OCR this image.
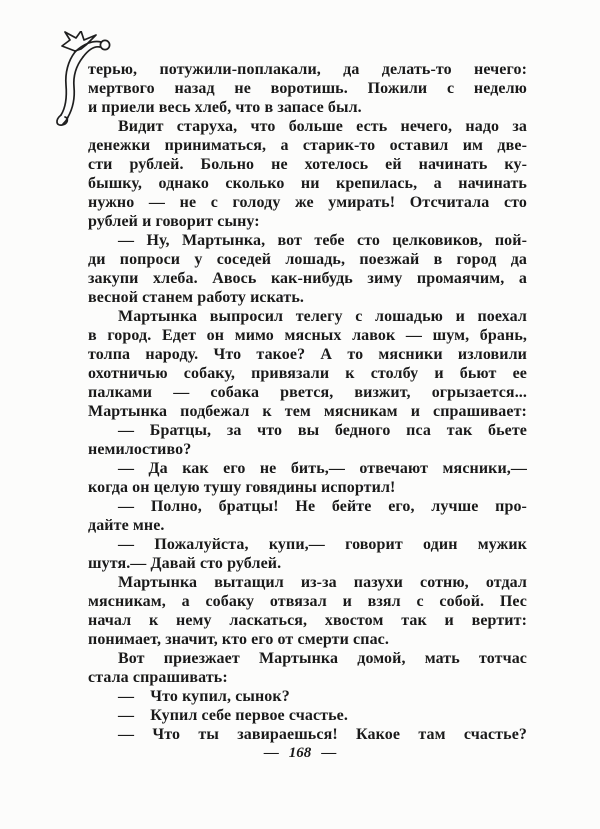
терью, потужили-поплакали, да делать-то нечего:
мертвого назад не воротишь. Пожили с неделю
и приели весь хлеб, что в запасе был.
Видит старуха, что больше есть нечего, надо за
денежки приниматься, а старик-то оставил им две-
сти рублей. Больно не хотелось ей начинать ку-
бышку, однако сколько ни крепилась, а начинать
нужно — не с голоду же умирать! Отсчитала сто
рублей и говорит сыну:
— Ну, Мартынка, вот тебе сто целковиков, пой-
ди попроси у соседей лошадь, поезжай в город да
закупи хлеба. Авось как-нибудь зиму промаячим, а
весной станем работу искать.
Мартынка выпросил телегу с лошадью и поехал
в город. Едет он мимо мясных лавок — шум, брань,
толпа народу. Что такое? А то мясники изловили
охотничью собаку, привязали к столбу и бьют ее
палками — собака рвется, визжит, огрызается...
Мартынка подбежал к тем мясникам и спрашивает:
— Братцы, за что вы бедного пса так бьете
немилостиво?
— Да как его не бить,— отвечают мясники,—
когда он целую тушу говядины испортил!
— Полно, братцы! Не бейте его, лучше про-
дайте мне.
— Пожалуйста, купи,— говорит один мужик
шутя.— Давай сто рублей.
Мартынка вытащил из-за пазухи сотню, отдал
мясникам, а собаку отвязал и взял с собой. Пес
начал к нему ласкаться, хвостом так и вертит:
понимает, значит, кто его от смерти спас.
Вот приезжает Мартынка домой, мать тотчас
стала спрашивать:
—  Что купил, сынок?
—  Купил себе первое счастье.
— Что ты завираешься! Какое там счастье?
— 168 —
